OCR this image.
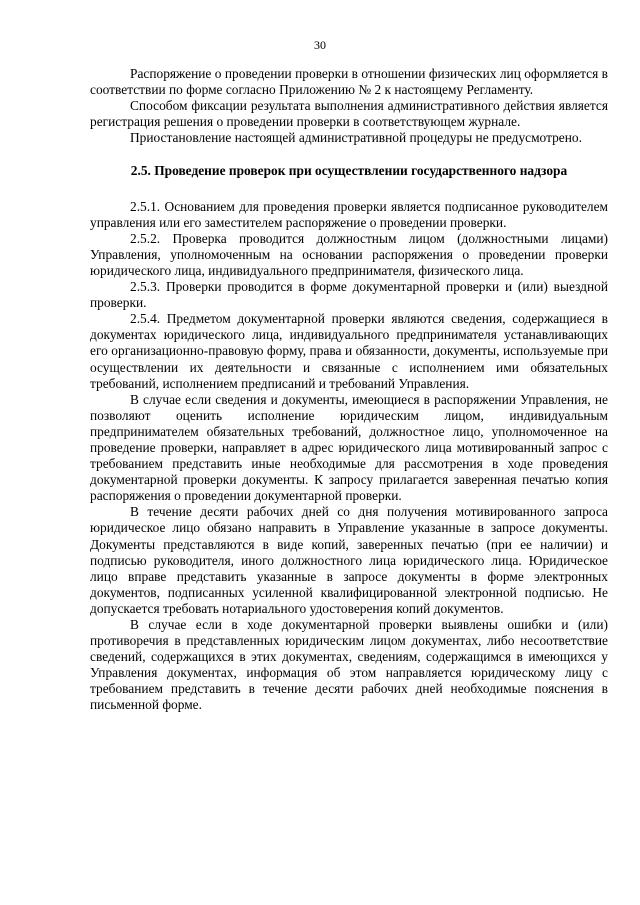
30

Распоряжение о проведении проверки в отношении физических лиц оформляется в соответствии по форме согласно Приложению № 2 к настоящему Регламенту.

Способом фиксации результата выполнения административного действия является регистрация решения о проведении проверки в соответствующем журнале.

Приостановление настоящей административной процедуры не предусмотрено.

2.5. Проведение проверок при осуществлении государственного надзора

2.5.1. Основанием для проведения проверки является подписанное руководителем управления или его заместителем распоряжение о проведении проверки.

2.5.2. Проверка проводится должностным лицом (должностными лицами) Управления, уполномоченным на основании распоряжения о проведении проверки юридического лица, индивидуального предпринимателя, физического лица.

2.5.3. Проверки проводится в форме документарной проверки и (или) выездной проверки.

2.5.4. Предметом документарной проверки являются сведения, содержащиеся в документах юридического лица, индивидуального предпринимателя устанавливающих его организационно-правовую форму, права и обязанности, документы, используемые при осуществлении их деятельности и связанные с исполнением ими обязательных требований, исполнением предписаний и требований Управления.

В случае если сведения и документы, имеющиеся в распоряжении Управления, не позволяют оценить исполнение юридическим лицом, индивидуальным предпринимателем обязательных требований, должностное лицо, уполномоченное на проведение проверки, направляет в адрес юридического лица мотивированный запрос с требованием представить иные необходимые для рассмотрения в ходе проведения документарной проверки документы. К запросу прилагается заверенная печатью копия распоряжения о проведении документарной проверки.

В течение десяти рабочих дней со дня получения мотивированного запроса юридическое лицо обязано направить в Управление указанные в запросе документы. Документы представляются в виде копий, заверенных печатью (при ее наличии) и подписью руководителя, иного должностного лица юридического лица. Юридическое лицо вправе представить указанные в запросе документы в форме электронных документов, подписанных усиленной квалифицированной электронной подписью. Не допускается требовать нотариального удостоверения копий документов.

В случае если в ходе документарной проверки выявлены ошибки и (или) противоречия в представленных юридическим лицом документах, либо несоответствие сведений, содержащихся в этих документах, сведениям, содержащимся в имеющихся у Управления документах, информация об этом направляется юридическому лицу с требованием представить в течение десяти рабочих дней необходимые пояснения в письменной форме.
